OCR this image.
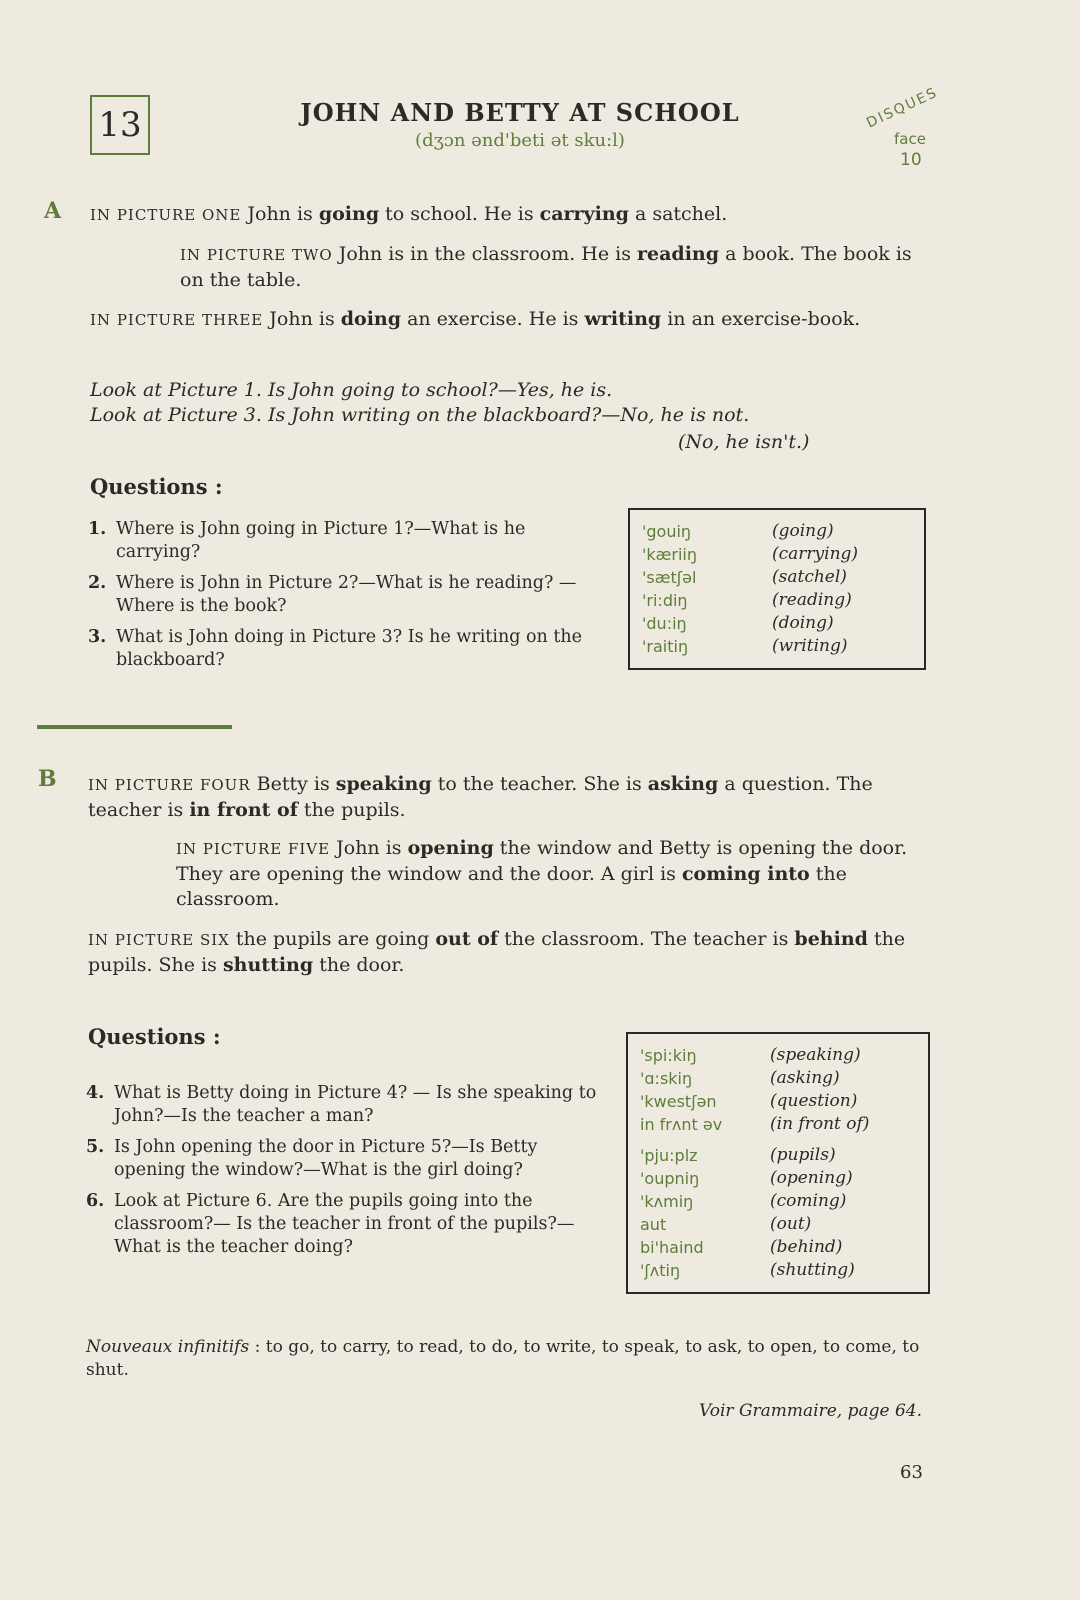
13	JOHN AND BETTY AT SCHOOL
(dʒɔn ənd'beti ət sku:l)
DISQUES
face
10
A IN PICTURE ONE John is going to school. He is carrying a satchel.
IN PICTURE TWO John is in the classroom. He is reading a book. The book is on the table.
IN PICTURE THREE John is doing an exercise. He is writing in an exercise-book.
Look at Picture 1. Is John going to school?—Yes, he is.
Look at Picture 3. Is John writing on the blackboard?—No, he is not.
(No, he isn't.)
Questions :
1. Where is John going in Picture 1?—What is he carrying?
2. Where is John in Picture 2?—What is he reading? —Where is the book?
3. What is John doing in Picture 3? Is he writing on the blackboard?
'gouiŋ	(going)
'kæriiŋ	(carrying)
'sætʃəl	(satchel)
'ri:diŋ	(reading)
'du:iŋ	(doing)
'raitiŋ	(writing)
B IN PICTURE FOUR Betty is speaking to the teacher. She is asking a question. The teacher is in front of the pupils.
IN PICTURE FIVE John is opening the window and Betty is opening the door. They are opening the window and the door. A girl is coming into the classroom.
IN PICTURE SIX the pupils are going out of the classroom. The teacher is behind the pupils. She is shutting the door.
Questions :
4. What is Betty doing in Picture 4? — Is she speaking to John?—Is the teacher a man?
5. Is John opening the door in Picture 5?—Is Betty opening the window?—What is the girl doing?
6. Look at Picture 6. Are the pupils going into the classroom?— Is the teacher in front of the pupils?—What is the teacher doing?
'spi:kiŋ	(speaking)
'ɑ:skiŋ	(asking)
'kwestʃən	(question)
in frʌnt əv	(in front of)
'pju:plz	(pupils)
'oupniŋ	(opening)
'kʌmiŋ	(coming)
aut	(out)
bi'haind	(behind)
'ʃʌtiŋ	(shutting)
Nouveaux infinitifs : to go, to carry, to read, to do, to write, to speak, to ask, to open, to come, to shut.
Voir Grammaire, page 64.
63
